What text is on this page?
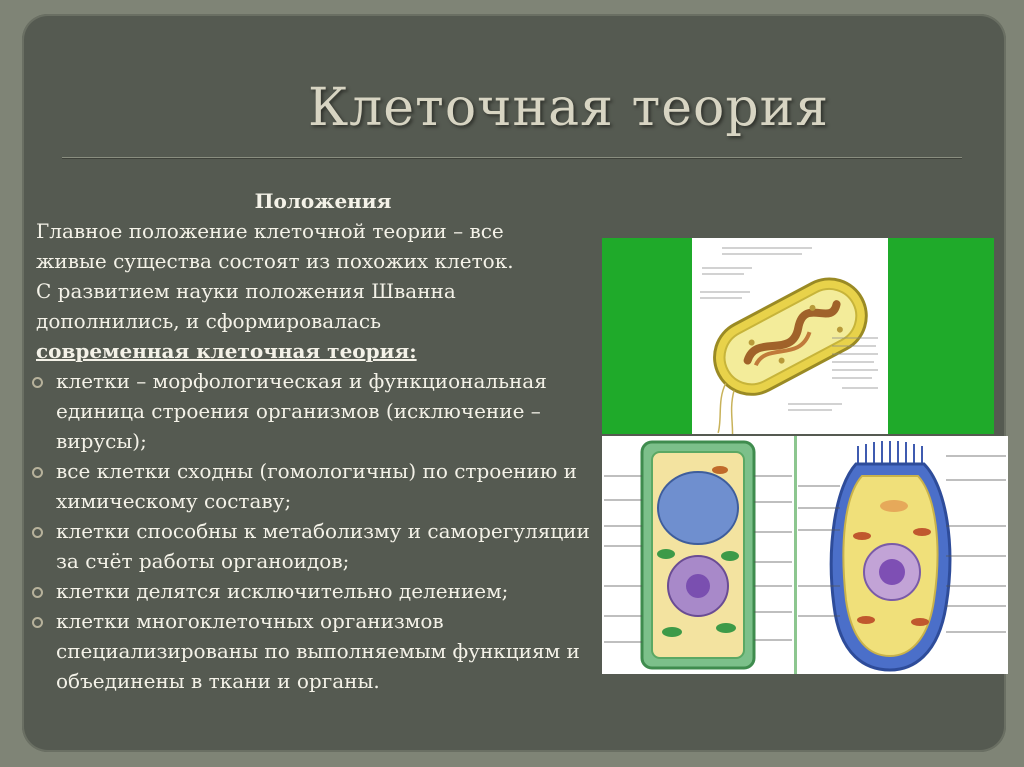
Клеточная теория
Положения
Главное положение клеточной теории – все
живые существа состоят из похожих клеток.
С развитием науки положения Шванна
дополнились, и сформировалась
современная клеточная теория:
клетки – морфологическая и функциональная единица строения организмов (исключение – вирусы);
все клетки сходны (гомологичны) по строению и химическому составу;
клетки способны к метаболизму и саморегуляции за счёт работы органоидов;
клетки делятся исключительно делением;
клетки многоклеточных организмов специализированы по выполняемым функциям и объединены в ткани и органы.
